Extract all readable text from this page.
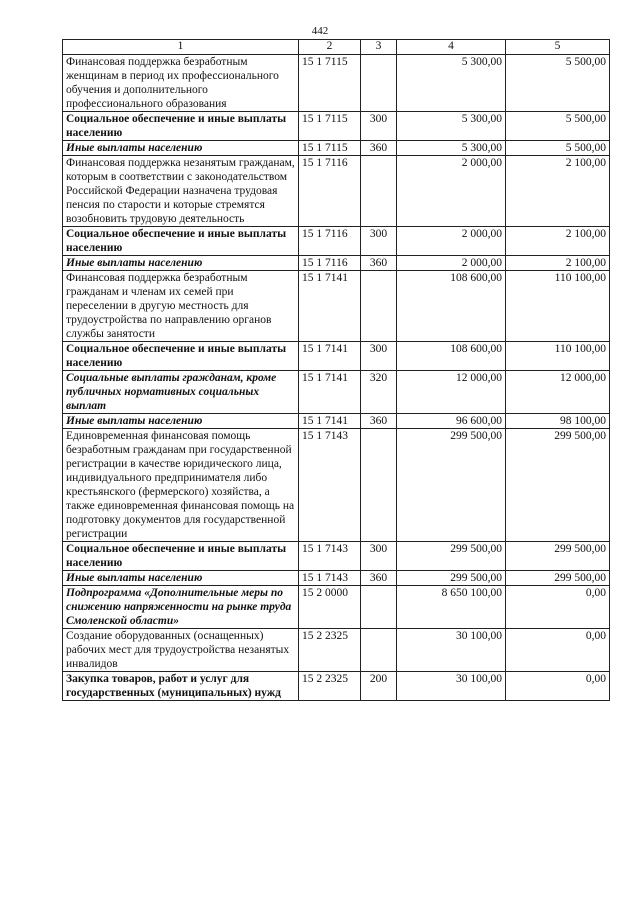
442
1	2	3	4	5
Финансовая поддержка безработным женщинам в период их профессионального обучения и дополнительного профессионального образования	15 1 7115		5 300,00	5 500,00
Социальное обеспечение и иные выплаты населению	15 1 7115	300	5 300,00	5 500,00
Иные выплаты населению	15 1 7115	360	5 300,00	5 500,00
Финансовая поддержка незанятым гражданам, которым в соответствии с законодательством Российской Федерации назначена трудовая пенсия по старости и которые стремятся возобновить трудовую деятельность	15 1 7116		2 000,00	2 100,00
Социальное обеспечение и иные выплаты населению	15 1 7116	300	2 000,00	2 100,00
Иные выплаты населению	15 1 7116	360	2 000,00	2 100,00
Финансовая поддержка безработным гражданам и членам их семей при переселении в другую местность для трудоустройства по направлению органов службы занятости	15 1 7141		108 600,00	110 100,00
Социальное обеспечение и иные выплаты населению	15 1 7141	300	108 600,00	110 100,00
Социальные выплаты гражданам, кроме публичных нормативных социальных выплат	15 1 7141	320	12 000,00	12 000,00
Иные выплаты населению	15 1 7141	360	96 600,00	98 100,00
Единовременная финансовая помощь безработным гражданам при государственной регистрации в качестве юридического лица, индивидуального предпринимателя либо крестьянского (фермерского) хозяйства, а также единовременная финансовая помощь на подготовку документов для государственной регистрации	15 1 7143		299 500,00	299 500,00
Социальное обеспечение и иные выплаты населению	15 1 7143	300	299 500,00	299 500,00
Иные выплаты населению	15 1 7143	360	299 500,00	299 500,00
Подпрограмма «Дополнительные меры по снижению напряженности на рынке труда Смоленской области»	15 2 0000		8 650 100,00	0,00
Создание оборудованных (оснащенных) рабочих мест для трудоустройства незанятых инвалидов	15 2 2325		30 100,00	0,00
Закупка товаров, работ и услуг для государственных (муниципальных) нужд	15 2 2325	200	30 100,00	0,00
